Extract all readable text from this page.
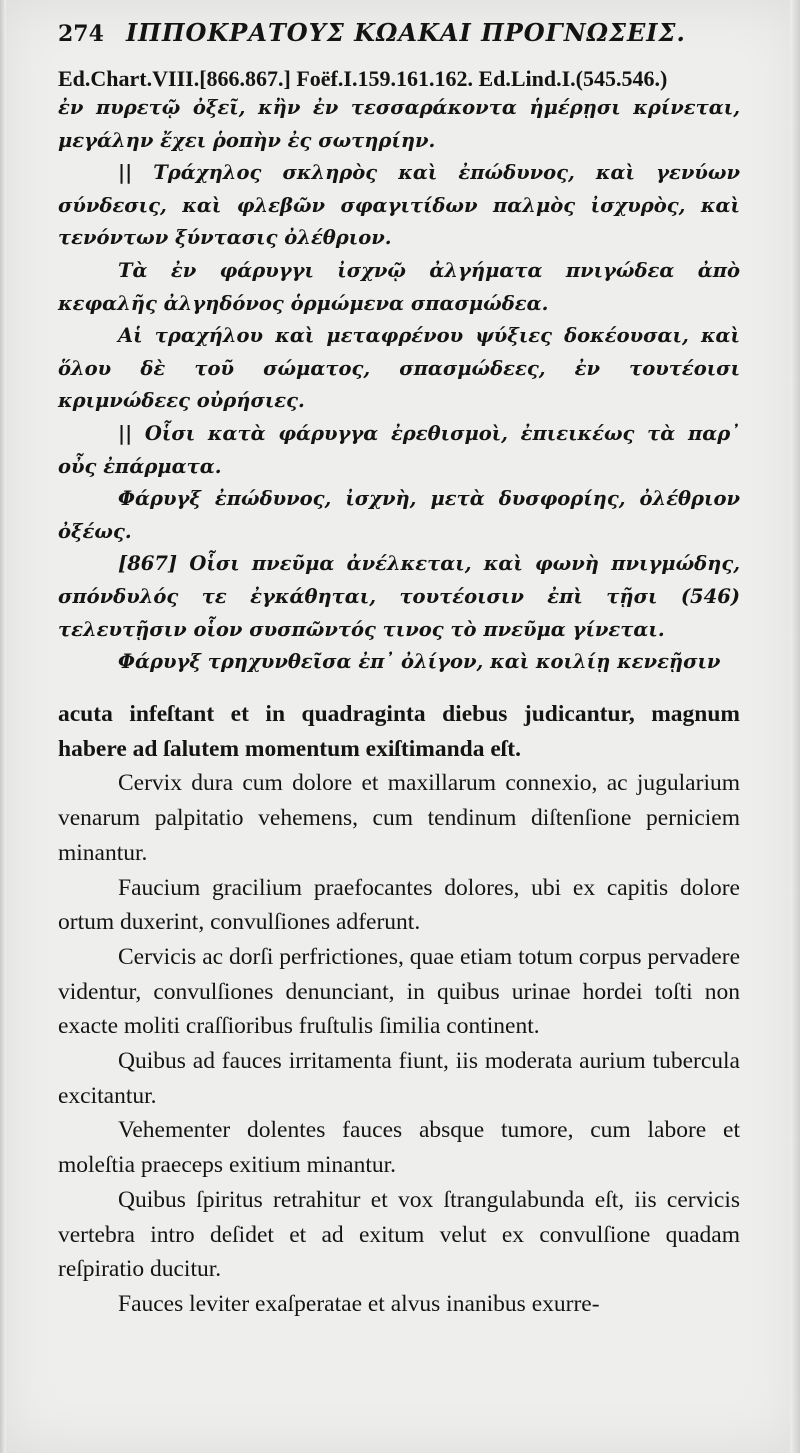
274 ΙΠΠΟΚΡΑΤΟΥΣ ΚΩΑΚΑΙ ΠΡΟΓΝΩΣΕΙΣ.
Ed.Chart.VIII.[866.867.] Foëf.I.159.161.162. Ed.Lind.I.(545.546.)

ἐν πυρετῷ ὀξεῖ, κἢν ἐν τεσσαράκοντα ἡμέρῃσι κρίνεται, μεγάλην ἔχει ῥοπὴν ἐς σωτηρίην.

|| Τράχηλος σκληρὸς καὶ ἐπώδυνος, καὶ γενύων σύνδεσις, καὶ φλεβῶν σφαγιτίδων παλμὸς ἰσχυρὸς, καὶ τενόντων ξύντασις ὀλέθριον.

Τὰ ἐν φάρυγγι ἰσχνῷ ἀλγήματα πνιγώδεα ἀπὸ κεφαλῆς ἀλγηδόνος ὁρμώμενα σπασμώδεα.

Αἱ τραχήλου καὶ μεταφρένου ψύξιες δοκέουσαι, καὶ ὅλου δὲ τοῦ σώματος, σπασμώδεες, ἐν τουτέοισι κριμνώδεες οὐρήσιες.

|| Οἷσι κατὰ φάρυγγα ἐρεθισμοὶ, ἐπιεικέως τὰ παρ᾽ οὖς ἐπάρματα.

Φάρυγξ ἐπώδυνος, ἰσχνὴ, μετὰ δυσφορίης, ὀλέθριον ὀξέως.

[867] Οἷσι πνεῦμα ἀνέλκεται, καὶ φωνὴ πνιγμώδης, σπόνδυλός τε ἐγκάθηται, τουτέοισιν ἐπὶ τῇσι (546) τελευτῇσιν οἷον συσπῶντός τινος τὸ πνεῦμα γίνεται.

Φάρυγξ τρηχυνθεῖσα ἐπ᾽ ὀλίγον, καὶ κοιλίῃ κενεῇσιν

acuta infeſtant et in quadraginta diebus judicantur, magnum habere ad ſalutem momentum exiſtimanda eſt.

Cervix dura cum dolore et maxillarum connexio, ac jugularium venarum palpitatio vehemens, cum tendinum diſtenſione perniciem minantur.

Faucium gracilium praefocantes dolores, ubi ex capitis dolore ortum duxerint, convulſiones adferunt.

Cervicis ac dorſi perfrictiones, quae etiam totum corpus pervadere videntur, convulſiones denunciant, in quibus urinae hordei toſti non exacte moliti craſſioribus fruſtulis ſimilia continent.

Quibus ad fauces irritamenta fiunt, iis moderata aurium tubercula excitantur.

Vehementer dolentes fauces absque tumore, cum labore et moleſtia praeceps exitium minantur.

Quibus ſpiritus retrahitur et vox ſtrangulabunda eſt, iis cervicis vertebra intro deſidet et ad exitum velut ex convulſione quadam reſpiratio ducitur.

Fauces leviter exaſperatae et alvus inanibus exurre-
